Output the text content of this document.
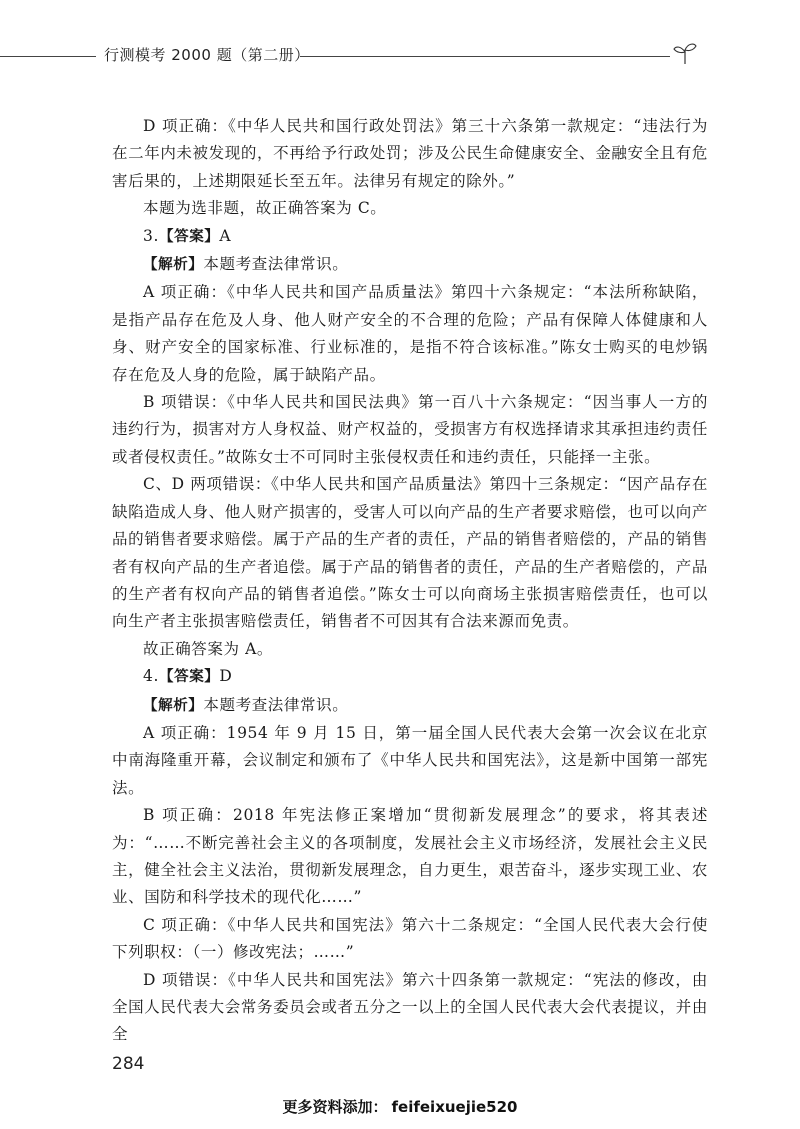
行测模考 2000 题（第二册）

D 项正确：《中华人民共和国行政处罚法》第三十六条第一款规定：“违法行为在二年内未被发现的，不再给予行政处罚；涉及公民生命健康安全、金融安全且有危害后果的，上述期限延长至五年。法律另有规定的除外。”

本题为选非题，故正确答案为 C。

3.【答案】A

【解析】本题考查法律常识。

A 项正确：《中华人民共和国产品质量法》第四十六条规定：“本法所称缺陷，是指产品存在危及人身、他人财产安全的不合理的危险；产品有保障人体健康和人身、财产安全的国家标准、行业标准的，是指不符合该标准。”陈女士购买的电炒锅存在危及人身的危险，属于缺陷产品。

B 项错误：《中华人民共和国民法典》第一百八十六条规定：“因当事人一方的违约行为，损害对方人身权益、财产权益的，受损害方有权选择请求其承担违约责任或者侵权责任。”故陈女士不可同时主张侵权责任和违约责任，只能择一主张。

C、D 两项错误：《中华人民共和国产品质量法》第四十三条规定：“因产品存在缺陷造成人身、他人财产损害的，受害人可以向产品的生产者要求赔偿，也可以向产品的销售者要求赔偿。属于产品的生产者的责任，产品的销售者赔偿的，产品的销售者有权向产品的生产者追偿。属于产品的销售者的责任，产品的生产者赔偿的，产品的生产者有权向产品的销售者追偿。”陈女士可以向商场主张损害赔偿责任，也可以向生产者主张损害赔偿责任，销售者不可因其有合法来源而免责。

故正确答案为 A。

4.【答案】D

【解析】本题考查法律常识。

A 项正确：1954 年 9 月 15 日，第一届全国人民代表大会第一次会议在北京中南海隆重开幕，会议制定和颁布了《中华人民共和国宪法》，这是新中国第一部宪法。

B 项正确：2018 年宪法修正案增加“贯彻新发展理念”的要求，将其表述为：“……不断完善社会主义的各项制度，发展社会主义市场经济，发展社会主义民主，健全社会主义法治，贯彻新发展理念，自力更生，艰苦奋斗，逐步实现工业、农业、国防和科学技术的现代化……”

C 项正确：《中华人民共和国宪法》第六十二条规定：“全国人民代表大会行使下列职权：（一）修改宪法；……”

D 项错误：《中华人民共和国宪法》第六十四条第一款规定：“宪法的修改，由全国人民代表大会常务委员会或者五分之一以上的全国人民代表大会代表提议，并由全

284
更多资料添加： feifeixuejie520
